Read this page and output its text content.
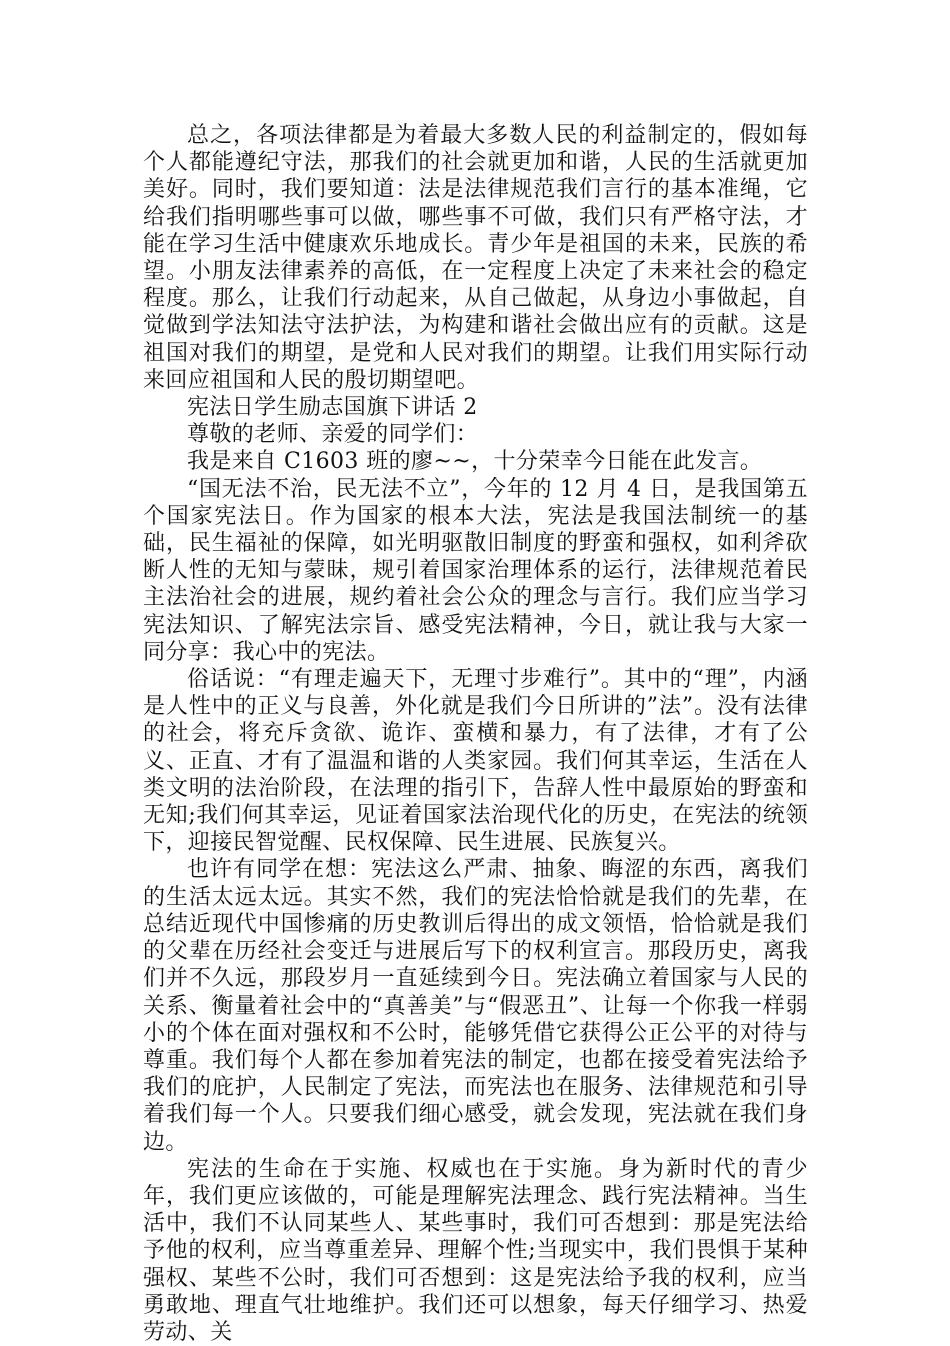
总之，各项法律都是为着最大多数人民的利益制定的，假如每个人都能遵纪守法，那我们的社会就更加和谐，人民的生活就更加美好。同时，我们要知道：法是法律规范我们言行的基本准绳，它给我们指明哪些事可以做，哪些事不可做，我们只有严格守法，才能在学习生活中健康欢乐地成长。青少年是祖国的未来，民族的希望。小朋友法律素养的高低，在一定程度上决定了未来社会的稳定程度。那么，让我们行动起来，从自己做起，从身边小事做起，自觉做到学法知法守法护法，为构建和谐社会做出应有的贡献。这是祖国对我们的期望，是党和人民对我们的期望。让我们用实际行动来回应祖国和人民的殷切期望吧。

宪法日学生励志国旗下讲话 2

尊敬的老师、亲爱的同学们：

我是来自 C1603 班的廖~~，十分荣幸今日能在此发言。

“国无法不治，民无法不立”，今年的 12 月 4 日，是我国第五个国家宪法日。作为国家的根本大法，宪法是我国法制统一的基础，民生福祉的保障，如光明驱散旧制度的野蛮和强权，如利斧砍断人性的无知与蒙昧，规引着国家治理体系的运行，法律规范着民主法治社会的进展，规约着社会公众的理念与言行。我们应当学习宪法知识、了解宪法宗旨、感受宪法精神，今日，就让我与大家一同分享：我心中的宪法。

俗话说：“有理走遍天下，无理寸步难行”。其中的“理”，内涵是人性中的正义与良善，外化就是我们今日所讲的”法”。没有法律的社会，将充斥贪欲、诡诈、蛮横和暴力，有了法律，才有了公义、正直、才有了温温和谐的人类家园。我们何其幸运，生活在人类文明的法治阶段，在法理的指引下，告辞人性中最原始的野蛮和无知;我们何其幸运，见证着国家法治现代化的历史，在宪法的统领下，迎接民智觉醒、民权保障、民生进展、民族复兴。

也许有同学在想：宪法这么严肃、抽象、晦涩的东西，离我们的生活太远太远。其实不然，我们的宪法恰恰就是我们的先辈，在总结近现代中国惨痛的历史教训后得出的成文领悟，恰恰就是我们的父辈在历经社会变迁与进展后写下的权利宣言。那段历史，离我们并不久远，那段岁月一直延续到今日。宪法确立着国家与人民的关系、衡量着社会中的“真善美”与“假恶丑”、让每一个你我一样弱小的个体在面对强权和不公时，能够凭借它获得公正公平的对待与尊重。我们每个人都在参加着宪法的制定，也都在接受着宪法给予我们的庇护，人民制定了宪法，而宪法也在服务、法律规范和引导着我们每一个人。只要我们细心感受，就会发现，宪法就在我们身边。

宪法的生命在于实施、权威也在于实施。身为新时代的青少年，我们更应该做的，可能是理解宪法理念、践行宪法精神。当生活中，我们不认同某些人、某些事时，我们可否想到：那是宪法给予他的权利，应当尊重差异、理解个性;当现实中，我们畏惧于某种强权、某些不公时，我们可否想到：这是宪法给予我的权利，应当勇敢地、理直气壮地维护。我们还可以想象，每天仔细学习、热爱劳动、关
